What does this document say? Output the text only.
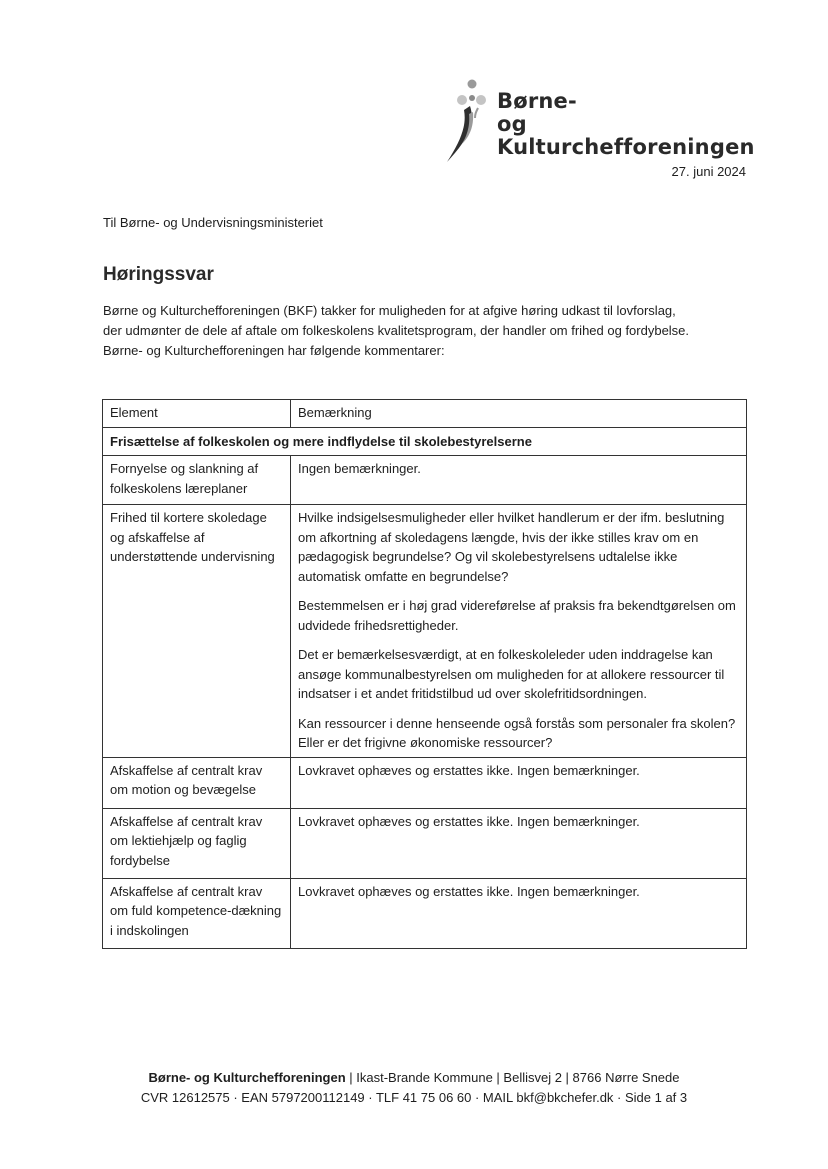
Børne-
og Kulturchefforeningen
27. juni 2024
Til Børne- og Undervisningsministeriet
Høringssvar

Børne og Kulturchefforeningen (BKF) takker for muligheden for at afgive høring udkast til lovforslag,

der udmønter de dele af aftale om folkeskolens kvalitetsprogram, der handler om frihed og fordybelse.

Børne- og Kulturchefforeningen har følgende kommentarer:

Element	Bemærkning
Frisættelse af folkeskolen og mere indflydelse til skolebestyrelserne	
Fornyelse og slankning af folkeskolens læreplaner	Ingen bemærkninger.

Frihed til kortere skoledage og afskaffelse af understøttende undervisning	Hvilke indsigelsesmuligheder eller hvilket handlerum er der ifm. beslutning om afkortning af skoledagens længde, hvis der ikke stilles krav om en pædagogisk begrundelse? Og vil skolebestyrelsens udtalelse ikke automatisk omfatte en begrundelse?

Bestemmelsen er i høj grad videreførelse af praksis fra bekendtgørelsen om udvidede frihedsrettigheder.

Det er bemærkelsesværdigt, at en folkeskoleleder uden inddragelse kan ansøge kommunalbestyrelsen om muligheden for at allokere ressourcer til indsatser i et andet fritidstilbud ud over skolefritidsordningen.

Kan ressourcer i denne henseende også forstås som personaler fra skolen? Eller er det frigivne økonomiske ressourcer?

Afskaffelse af centralt krav om motion og bevægelse	Lovkravet ophæves og erstattes ikke. Ingen bemærkninger.

Afskaffelse af centralt krav om lektiehjælp og faglig fordybelse	Lovkravet ophæves og erstattes ikke. Ingen bemærkninger.

Afskaffelse af centralt krav om fuld kompetence-dækning i indskolingen	Lovkravet ophæves og erstattes ikke. Ingen bemærkninger.

Børne- og Kulturchefforeningen | Ikast-Brande Kommune | Bellisvej 2 | 8766 Nørre Snede
CVR 12612575 · EAN 5797200112149 · TLF 41 75 06 60 · MAIL bkf@bkchefer.dk · Side 1 af 3
